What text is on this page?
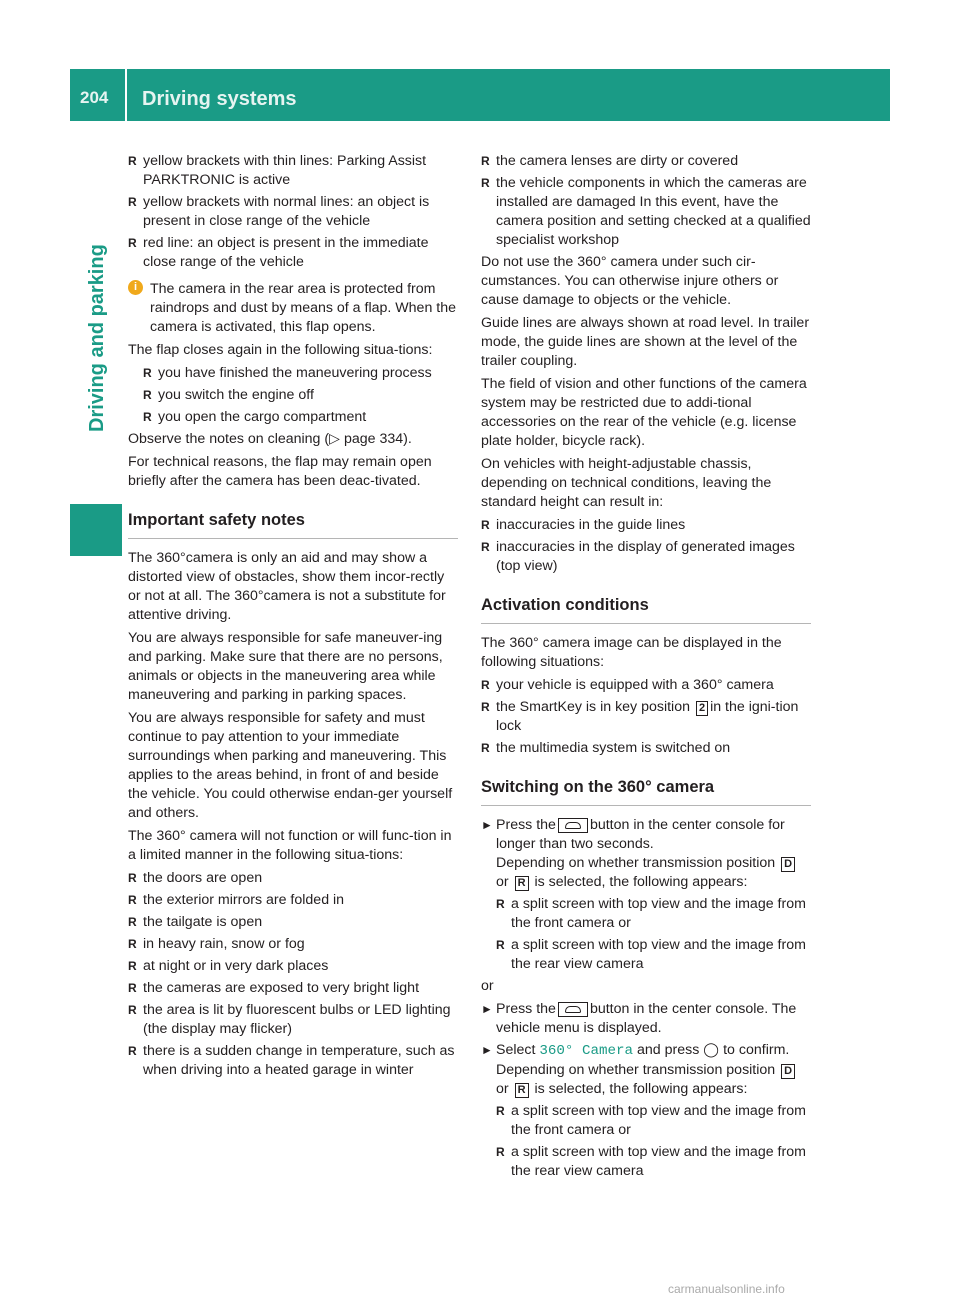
204 Driving systems
Driving and parking
R yellow brackets with thin lines: Parking Assist PARKTRONIC is active
R yellow brackets with normal lines: an object is present in close range of the vehicle
R red line: an object is present in the immediate close range of the vehicle
i The camera in the rear area is protected from raindrops and dust by means of a flap. When the camera is activated, this flap opens.
The flap closes again in the following situa-tions:
R you have finished the maneuvering process
R you switch the engine off
R you open the cargo compartment
Observe the notes on cleaning (▷ page 334).
For technical reasons, the flap may remain open briefly after the camera has been deac-tivated.
Important safety notes
The 360°camera is only an aid and may show a distorted view of obstacles, show them incor-rectly or not at all. The 360°camera is not a substitute for attentive driving.
You are always responsible for safe maneuver-ing and parking. Make sure that there are no persons, animals or objects in the maneuvering area while maneuvering and parking in parking spaces.
You are always responsible for safety and must continue to pay attention to your immediate surroundings when parking and maneuvering. This applies to the areas behind, in front of and beside the vehicle. You could otherwise endan-ger yourself and others.
The 360° camera will not function or will func-tion in a limited manner in the following situa-tions:
R the doors are open
R the exterior mirrors are folded in
R the tailgate is open
R in heavy rain, snow or fog
R at night or in very dark places
R the cameras are exposed to very bright light
R the area is lit by fluorescent bulbs or LED lighting (the display may flicker)
R there is a sudden change in temperature, such as when driving into a heated garage in winter
R the camera lenses are dirty or covered
R the vehicle components in which the cameras are installed are damaged In this event, have the camera position and setting checked at a qualified specialist workshop
Do not use the 360° camera under such cir-cumstances. You can otherwise injure others or cause damage to objects or the vehicle.
Guide lines are always shown at road level. In trailer mode, the guide lines are shown at the level of the trailer coupling.
The field of vision and other functions of the camera system may be restricted due to addi-tional accessories on the rear of the vehicle (e.g. license plate holder, bicycle rack).
On vehicles with height-adjustable chassis, depending on technical conditions, leaving the standard height can result in:
R inaccuracies in the guide lines
R inaccuracies in the display of generated images (top view)
Activation conditions
The 360° camera image can be displayed in the following situations:
R your vehicle is equipped with a 360° camera
R the SmartKey is in key position 2 in the igni-tion lock
R the multimedia system is switched on
Switching on the 360° camera
► Press the button in the center console for longer than two seconds.
Depending on whether transmission position D or R is selected, the following appears:
R a split screen with top view and the image from the front camera or
R a split screen with top view and the image from the rear view camera
or
► Press the button in the center console. The vehicle menu is displayed.
► Select 360° Camera and press ◯ to confirm.
Depending on whether transmission position D or R is selected, the following appears:
R a split screen with top view and the image from the front camera or
R a split screen with top view and the image from the rear view camera
carmanualsonline.info
